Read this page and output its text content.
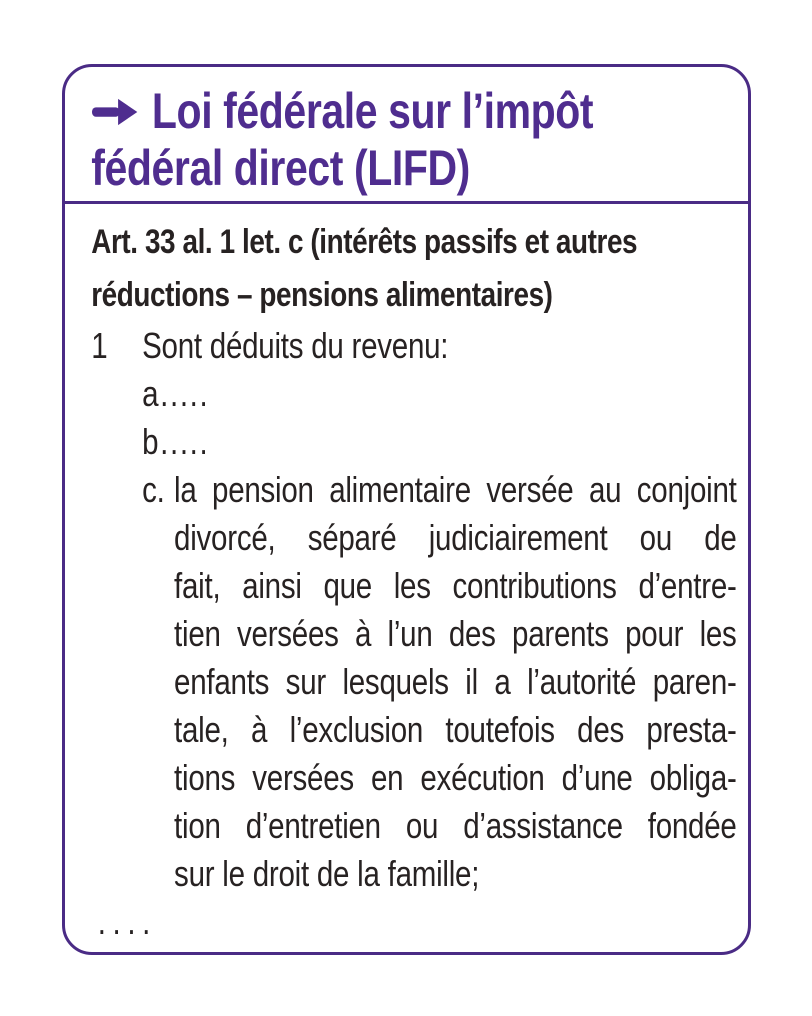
Loi fédérale sur l’impôt
fédéral direct (LIFD)
Art. 33 al. 1 let. c (intérêts passifs et autres
réductions – pensions alimentaires)
1 Sont déduits du revenu:
a.....
b.....
c. la pension alimentaire versée au conjoint
divorcé, séparé judiciairement ou de
fait, ainsi que les contributions d’entre-
tien versées à l’un des parents pour les
enfants sur lesquels il a l’autorité paren-
tale, à l’exclusion toutefois des presta-
tions versées en exécution d’une obliga-
tion d’entretien ou d’assistance fondée
sur le droit de la famille;
....
